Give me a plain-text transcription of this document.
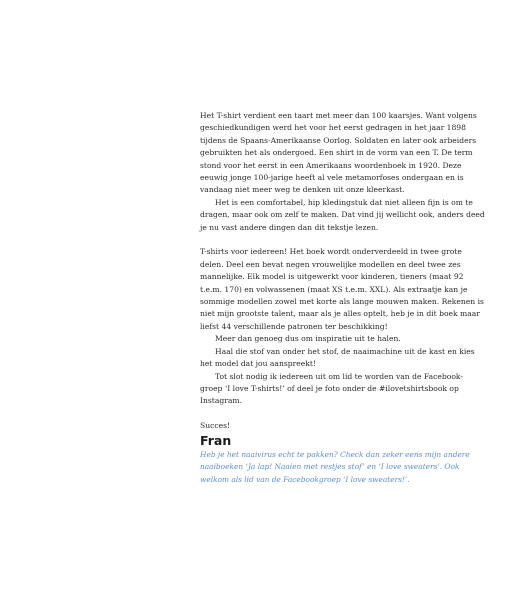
Het T-shirt verdient een taart met meer dan 100 kaarsjes. Want volgens geschiedkundigen werd het voor het eerst gedragen in het jaar 1898 tijdens de Spaans-Amerikaanse Oorlog. Soldaten en later ook arbeiders gebruikten het als ondergoed. Een shirt in de vorm van een T. De term stond voor het eerst in een Amerikaans woordenboek in 1920. Deze eeuwig jonge 100-jarige heeft al vele metamorfoses ondergaan en is vandaag niet meer weg te denken uit onze kleerkast.

Het is een comfortabel, hip kledingstuk dat niet alleen fijn is om te dragen, maar ook om zelf te maken. Dat vind jij wellicht ook, anders deed je nu vast andere dingen dan dit tekstje lezen.

T-shirts voor iedereen! Het boek wordt onderverdeeld in twee grote delen. Deel een bevat negen vrouwelijke modellen en deel twee zes mannelijke. Elk model is uitgewerkt voor kinderen, tieners (maat 92 t.e.m. 170) en volwassenen (maat XS t.e.m. XXL). Als extraatje kan je sommige modellen zowel met korte als lange mouwen maken. Rekenen is niet mijn grootste talent, maar als je alles optelt, heb je in dit boek maar liefst 44 verschillende patronen ter beschikking!

Meer dan genoeg dus om inspiratie uit te halen.

Haal die stof van onder het stof, de naaimachine uit de kast en kies het model dat jou aanspreekt!

Tot slot nodig ik iedereen uit om lid te worden van de Facebook-groep ‘I love T-shirts!’ of deel je foto onder de #ilovetshirtsbook op Instagram.

Succes!

Fran

Heb je het naaivirus echt te pakken? Check dan zeker eens mijn andere naaiboeken ‘Ja lap! Naaien met restjes stof’ en ‘I love sweaters’. Ook welkom als lid van de Facebookgroep ‘I love sweaters!’.
